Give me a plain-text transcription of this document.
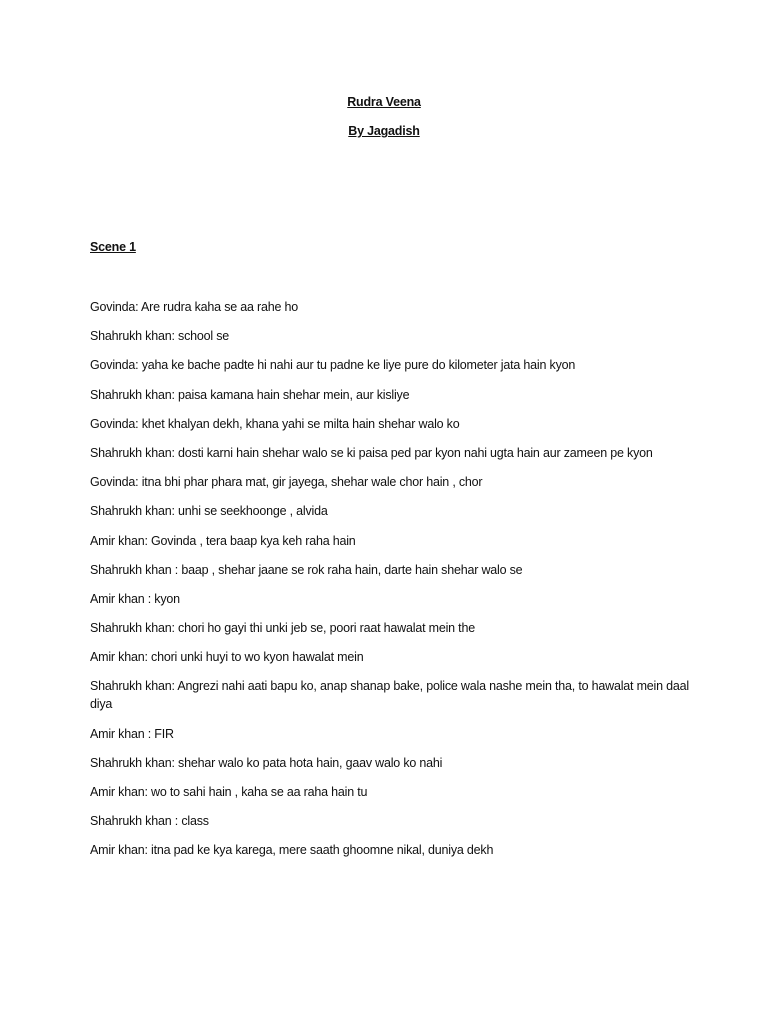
Rudra Veena
By Jagadish
Scene 1
Govinda: Are rudra kaha se aa rahe ho
Shahrukh khan: school se
Govinda: yaha ke bache padte hi nahi aur tu padne ke liye pure do kilometer jata hain kyon
Shahrukh khan: paisa kamana hain shehar mein, aur kisliye
Govinda: khet khalyan dekh, khana yahi se milta hain shehar walo ko
Shahrukh khan: dosti karni hain shehar walo se ki paisa ped par kyon nahi ugta hain aur zameen pe kyon
Govinda: itna bhi phar phara mat, gir jayega, shehar wale chor hain , chor
Shahrukh khan: unhi se seekhoonge , alvida
Amir khan: Govinda , tera baap kya keh raha hain
Shahrukh khan : baap , shehar jaane se rok raha hain, darte hain shehar walo se
Amir khan : kyon
Shahrukh khan: chori ho gayi thi unki jeb se, poori raat hawalat mein the
Amir khan: chori unki huyi to wo kyon hawalat mein
Shahrukh khan: Angrezi nahi aati bapu ko, anap shanap bake, police wala nashe mein tha, to hawalat mein daal diya
Amir khan : FIR
Shahrukh khan: shehar walo ko pata hota hain, gaav walo ko nahi
Amir khan: wo to sahi hain , kaha se aa raha hain tu
Shahrukh khan : class
Amir khan: itna pad ke kya karega, mere saath ghoomne nikal, duniya dekh
